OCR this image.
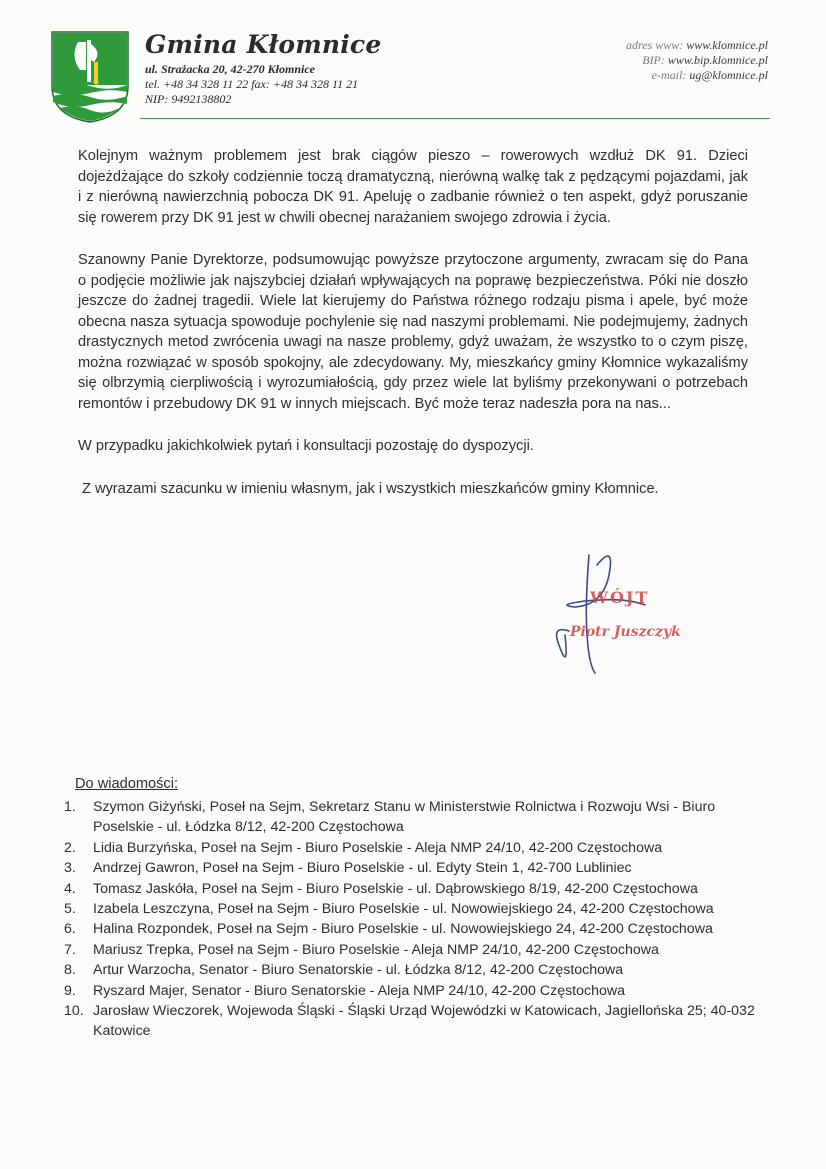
Gmina Kłomnice
ul. Strażacka 20, 42-270 Kłomnice
tel. +48 34 328 11 22 fax: +48 34 328 11 21
NIP: 9492138802
adres www: www.klomnice.pl
BIP: www.bip.klomnice.pl
e-mail: ug@klomnice.pl

Kolejnym ważnym problemem jest brak ciągów pieszo – rowerowych wzdłuż DK 91. Dzieci dojeżdżające do szkoły codziennie toczą dramatyczną, nierówną walkę tak z pędzącymi pojazdami, jak i z nierówną nawierzchnią pobocza DK 91. Apeluję o zadbanie również o ten aspekt, gdyż poruszanie się rowerem przy DK 91 jest w chwili obecnej narażaniem swojego zdrowia i życia.

Szanowny Panie Dyrektorze, podsumowując powyższe przytoczone argumenty, zwracam się do Pana o podjęcie możliwie jak najszybciej działań wpływających na poprawę bezpieczeństwa. Póki nie doszło jeszcze do żadnej tragedii. Wiele lat kierujemy do Państwa różnego rodzaju pisma i apele, być może obecna nasza sytuacja spowoduje pochylenie się nad naszymi problemami. Nie podejmujemy, żadnych drastycznych metod zwrócenia uwagi na nasze problemy, gdyż uważam, że wszystko to o czym piszę, można rozwiązać w sposób spokojny, ale zdecydowany. My, mieszkańcy gminy Kłomnice wykazaliśmy się olbrzymią cierpliwością i wyrozumiałością, gdy przez wiele lat byliśmy przekonywani o potrzebach remontów i przebudowy DK 91 w innych miejscach. Być może teraz nadeszła pora na nas...

W przypadku jakichkolwiek pytań i konsultacji pozostaję do dyspozycji.

Z wyrazami szacunku w imieniu własnym, jak i wszystkich mieszkańców gminy Kłomnice.

WÓJT
Piotr Juszczyk
Do wiadomości:
1.	Szymon Giżyński, Poseł na Sejm, Sekretarz Stanu w Ministerstwie Rolnictwa i Rozwoju Wsi - Biuro Poselskie - ul. Łódzka 8/12, 42-200 Częstochowa
2.	Lidia Burzyńska, Poseł na Sejm - Biuro Poselskie - Aleja NMP 24/10, 42-200 Częstochowa
3.	Andrzej Gawron, Poseł na Sejm - Biuro Poselskie - ul. Edyty Stein 1, 42-700 Lubliniec
4.	Tomasz Jaskóła, Poseł na Sejm - Biuro Poselskie - ul. Dąbrowskiego 8/19, 42-200 Częstochowa
5.	Izabela Leszczyna, Poseł na Sejm - Biuro Poselskie - ul. Nowowiejskiego 24, 42-200 Częstochowa
6.	Halina Rozpondek, Poseł na Sejm - Biuro Poselskie - ul. Nowowiejskiego 24, 42-200 Częstochowa
7.	Mariusz Trepka, Poseł na Sejm - Biuro Poselskie - Aleja NMP 24/10, 42-200 Częstochowa
8.	Artur Warzocha, Senator - Biuro Senatorskie - ul. Łódzka 8/12, 42-200 Częstochowa
9.	Ryszard Majer, Senator - Biuro Senatorskie - Aleja NMP 24/10, 42-200 Częstochowa
10. Jarosław Wieczorek, Wojewoda Śląski - Śląski Urząd Wojewódzki w Katowicach, Jagiellońska 25; 40-032 Katowice
